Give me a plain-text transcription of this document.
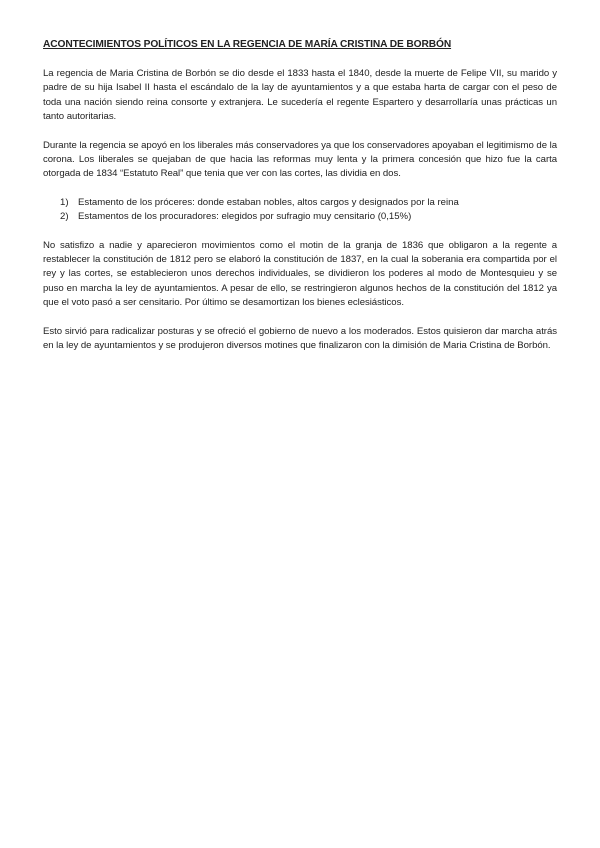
ACONTECIMIENTOS POLÍTICOS EN LA REGENCIA DE MARÍA CRISTINA DE BORBÓN

La regencia de Maria Cristina de Borbón se dio desde el 1833 hasta el 1840, desde la muerte de Felipe VII, su marido y padre de su hija Isabel II hasta el escándalo de la lay de ayuntamientos y a que estaba harta de cargar con el peso de toda una nación siendo reina consorte y extranjera. Le sucedería el regente Espartero y desarrollaría unas prácticas un tanto autoritarias.

Durante la regencia se apoyó en los liberales más conservadores ya que los conservadores apoyaban el legitimismo de la corona. Los liberales se quejaban de que hacia las reformas muy lenta y la primera concesión que hizo fue la carta otorgada de 1834 “Estatuto Real” que tenia que ver con las cortes, las dividia en dos.

1) Estamento de los próceres: donde estaban nobles, altos cargos y designados por la reina
2) Estamentos de los procuradores: elegidos por sufragio muy censitario (0,15%)

No satisfizo a nadie y aparecieron movimientos como el motin de la granja de 1836 que obligaron a la regente a restablecer la constitución de 1812 pero se elaboró la constitución de 1837, en la cual la soberania era compartida por el rey y las cortes, se establecieron unos derechos individuales, se dividieron los poderes al modo de Montesquieu y se puso en marcha la ley de ayuntamientos. A pesar de ello, se restringieron algunos hechos de la constitución del 1812 ya que el voto pasó a ser censitario. Por último se desamortizan los bienes eclesiásticos.

Esto sirvió para radicalizar posturas y se ofreció el gobierno de nuevo a los moderados. Estos quisieron dar marcha atrás en la ley de ayuntamientos y se produjeron diversos motines que finalizaron con la dimisión de Maria Cristina de Borbón.
